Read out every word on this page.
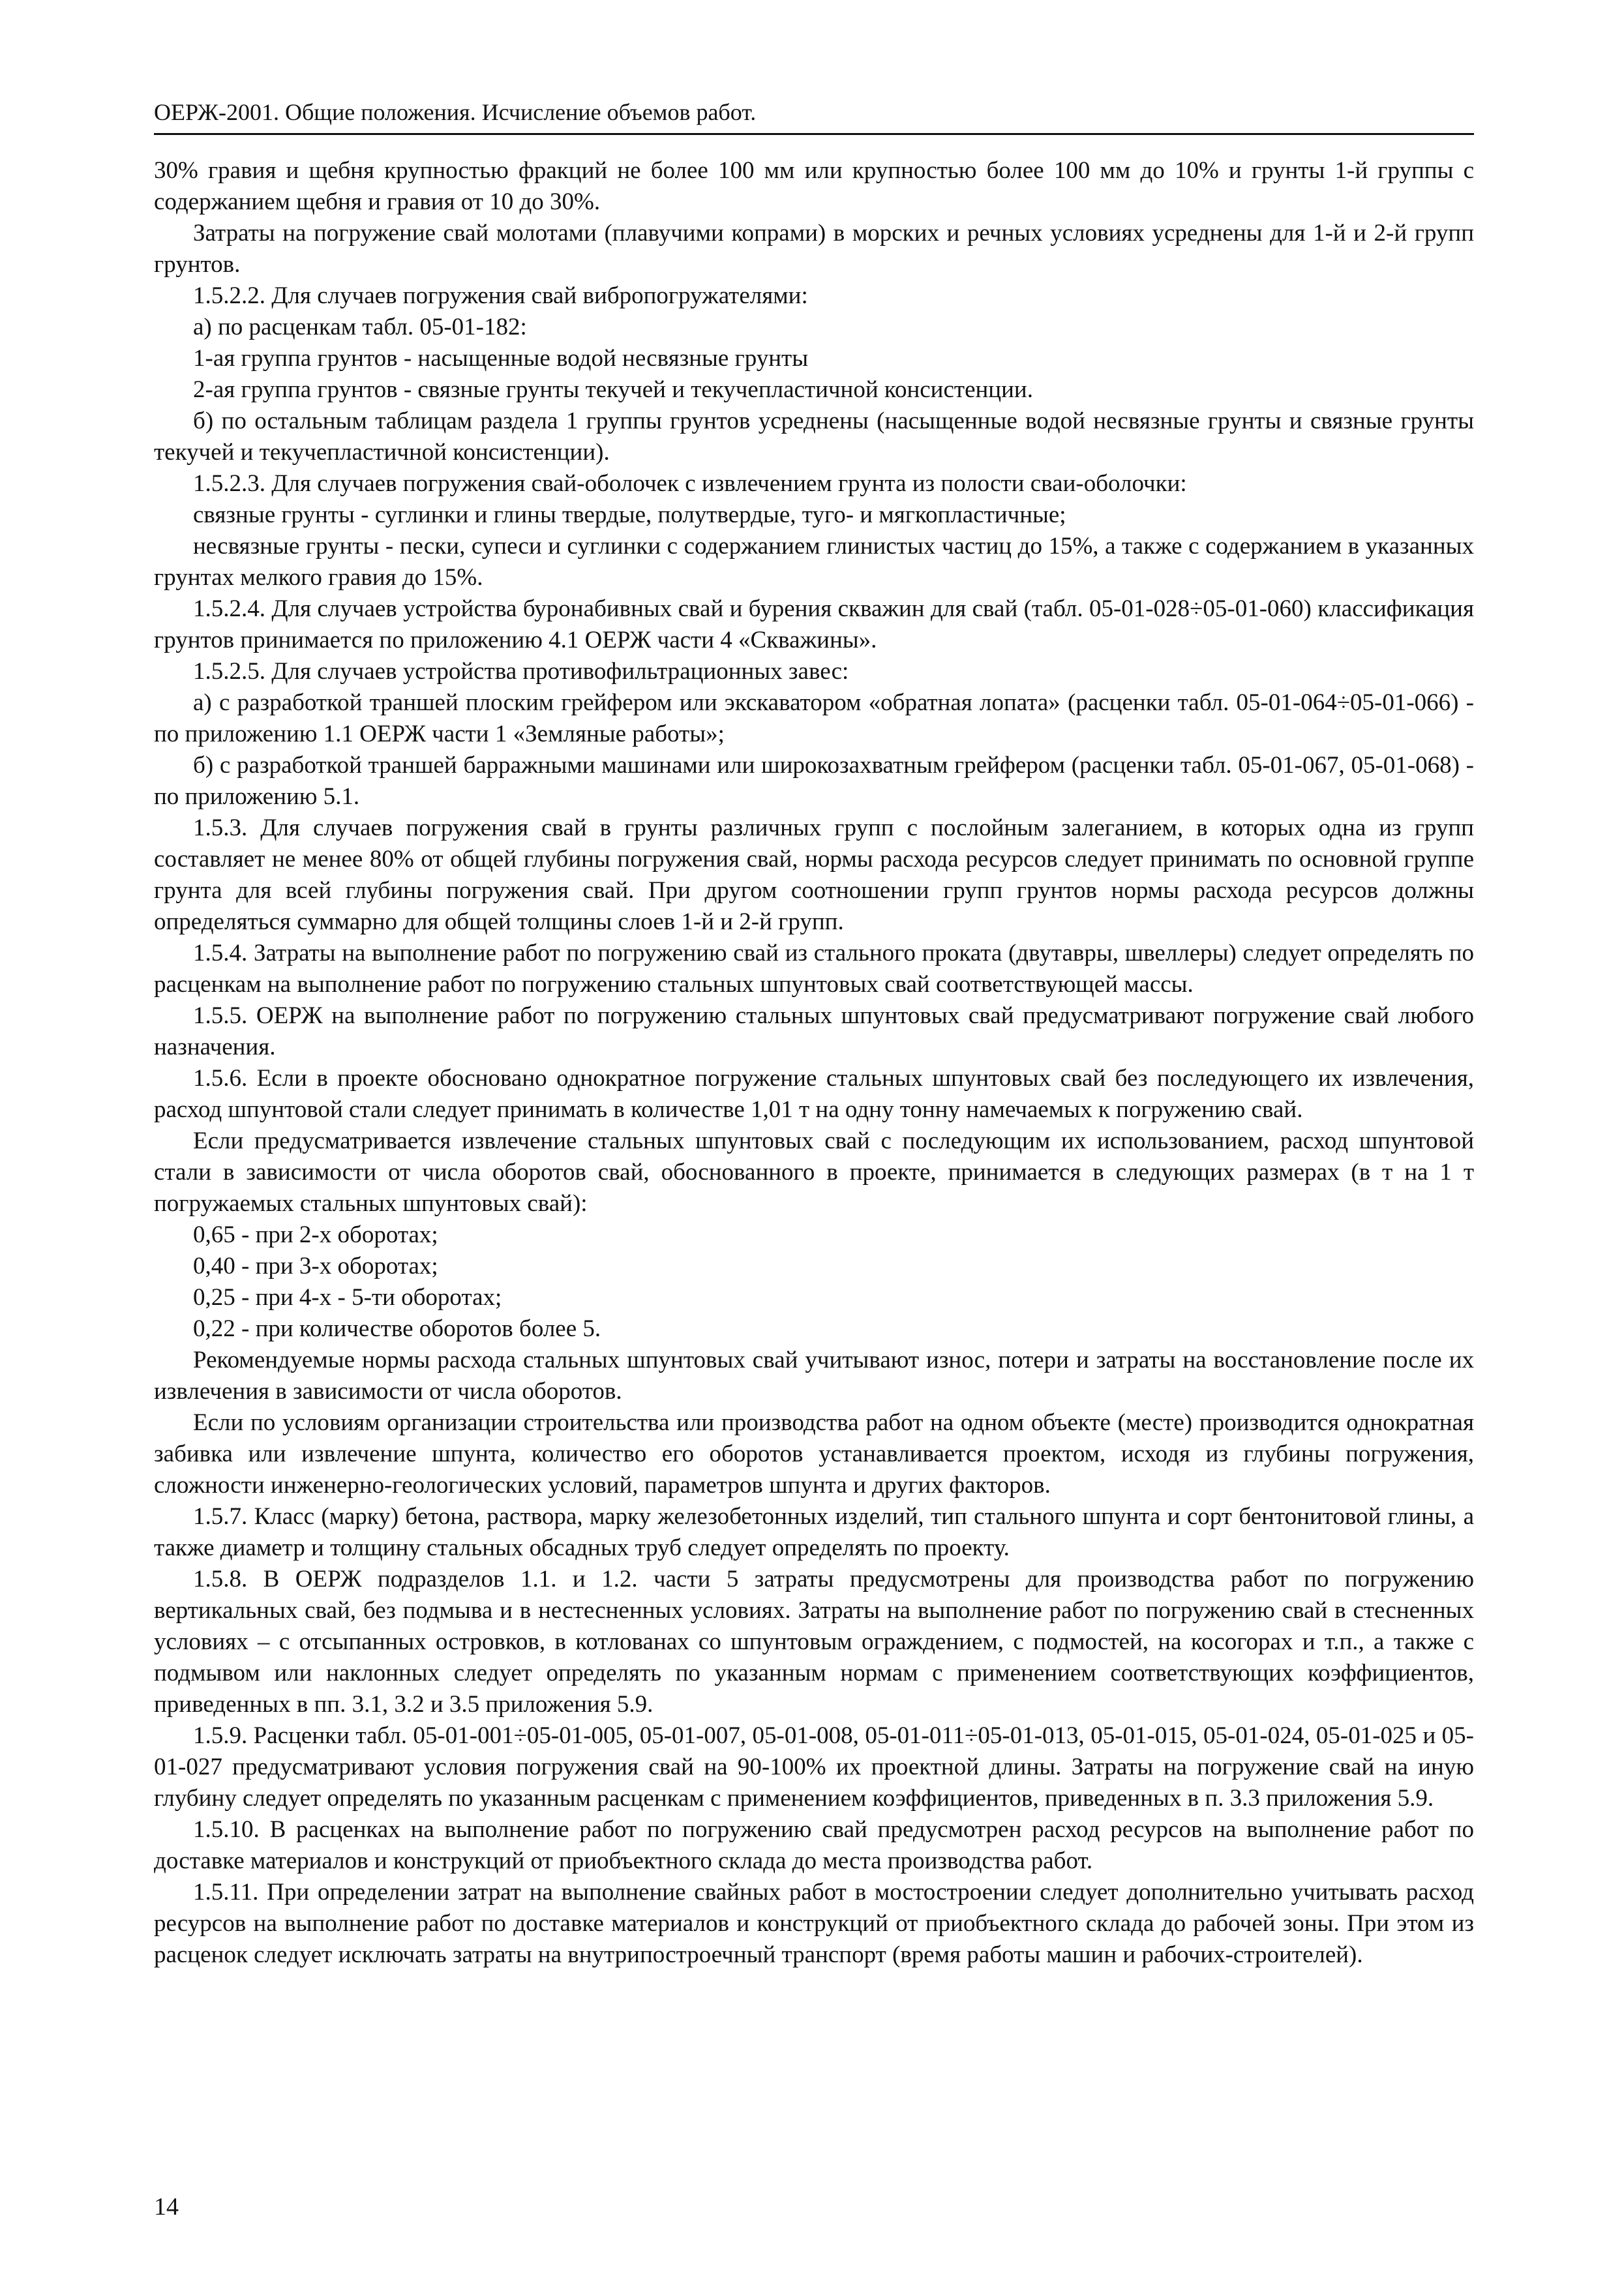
ОЕРЖ-2001. Общие положения. Исчисление объемов работ.

30% гравия и щебня крупностью фракций не более 100 мм или крупностью более 100 мм до 10% и грунты 1-й группы с содержанием щебня и гравия от 10 до 30%.

Затраты на погружение свай молотами (плавучими копрами) в морских и речных условиях усреднены для 1-й и 2-й групп грунтов.

1.5.2.2. Для случаев погружения свай вибропогружателями:

а) по расценкам табл. 05-01-182:

1-ая группа грунтов - насыщенные водой несвязные грунты

2-ая группа грунтов - связные грунты текучей и текучепластичной консистенции.

б) по остальным таблицам раздела 1 группы грунтов усреднены (насыщенные водой несвязные грунты и связные грунты текучей и текучепластичной консистенции).

1.5.2.3. Для случаев погружения свай-оболочек с извлечением грунта из полости сваи-оболочки:

связные грунты - суглинки и глины твердые, полутвердые, туго- и мягкопластичные;

несвязные грунты - пески, супеси и суглинки с содержанием глинистых частиц до 15%, а также с содержанием в указанных грунтах мелкого гравия до 15%.

1.5.2.4. Для случаев устройства буронабивных свай и бурения скважин для свай (табл. 05-01-028÷05-01-060) классификация грунтов принимается по приложению 4.1 ОЕРЖ части 4 «Скважины».

1.5.2.5. Для случаев устройства противофильтрационных завес:

а) с разработкой траншей плоским грейфером или экскаватором «обратная лопата» (расценки табл. 05-01-064÷05-01-066) - по приложению 1.1 ОЕРЖ части 1 «Земляные работы»;

б) с разработкой траншей барражными машинами или широкозахватным грейфером (расценки табл. 05-01-067, 05-01-068) - по приложению 5.1.

1.5.3. Для случаев погружения свай в грунты различных групп с послойным залеганием, в которых одна из групп составляет не менее 80% от общей глубины погружения свай, нормы расхода ресурсов следует принимать по основной группе грунта для всей глубины погружения свай. При другом соотношении групп грунтов нормы расхода ресурсов должны определяться суммарно для общей толщины слоев 1-й и 2-й групп.

1.5.4. Затраты на выполнение работ по погружению свай из стального проката (двутавры, швеллеры) следует определять по расценкам на выполнение работ по погружению стальных шпунтовых свай соответствующей массы.

1.5.5. ОЕРЖ на выполнение работ по погружению стальных шпунтовых свай предусматривают погружение свай любого назначения.

1.5.6. Если в проекте обосновано однократное погружение стальных шпунтовых свай без последующего их извлечения, расход шпунтовой стали следует принимать в количестве 1,01 т на одну тонну намечаемых к погружению свай.

Если предусматривается извлечение стальных шпунтовых свай с последующим их использованием, расход шпунтовой стали в зависимости от числа оборотов свай, обоснованного в проекте, принимается в следующих размерах (в т на 1 т погружаемых стальных шпунтовых свай):

0,65 - при 2-х оборотах;

0,40 - при 3-х оборотах;

0,25 - при 4-х - 5-ти оборотах;

0,22 - при количестве оборотов более 5.

Рекомендуемые нормы расхода стальных шпунтовых свай учитывают износ, потери и затраты на восстановление после их извлечения в зависимости от числа оборотов.

Если по условиям организации строительства или производства работ на одном объекте (месте) производится однократная забивка или извлечение шпунта, количество его оборотов устанавливается проектом, исходя из глубины погружения, сложности инженерно-геологических условий, параметров шпунта и других факторов.

1.5.7. Класс (марку) бетона, раствора, марку железобетонных изделий, тип стального шпунта и сорт бентонитовой глины, а также диаметр и толщину стальных обсадных труб следует определять по проекту.

1.5.8. В ОЕРЖ подразделов 1.1. и 1.2. части 5 затраты предусмотрены для производства работ по погружению вертикальных свай, без подмыва и в нестесненных условиях. Затраты на выполнение работ по погружению свай в стесненных условиях – с отсыпанных островков, в котлованах со шпунтовым ограждением, с подмостей, на косогорах и т.п., а также с подмывом или наклонных следует определять по указанным нормам с применением соответствующих коэффициентов, приведенных в пп. 3.1, 3.2 и 3.5 приложения 5.9.

1.5.9. Расценки табл. 05-01-001÷05-01-005, 05-01-007, 05-01-008, 05-01-011÷05-01-013, 05-01-015, 05-01-024, 05-01-025 и 05-01-027 предусматривают условия погружения свай на 90-100% их проектной длины. Затраты на погружение свай на иную глубину следует определять по указанным расценкам с применением коэффициентов, приведенных в п. 3.3 приложения 5.9.

1.5.10. В расценках на выполнение работ по погружению свай предусмотрен расход ресурсов на выполнение работ по доставке материалов и конструкций от приобъектного склада до места производства работ.

1.5.11. При определении затрат на выполнение свайных работ в мостостроении следует дополнительно учитывать расход ресурсов на выполнение работ по доставке материалов и конструкций от приобъектного склада до рабочей зоны. При этом из расценок следует исключать затраты на внутрипостроечный транспорт (время работы машин и рабочих-строителей).

14
